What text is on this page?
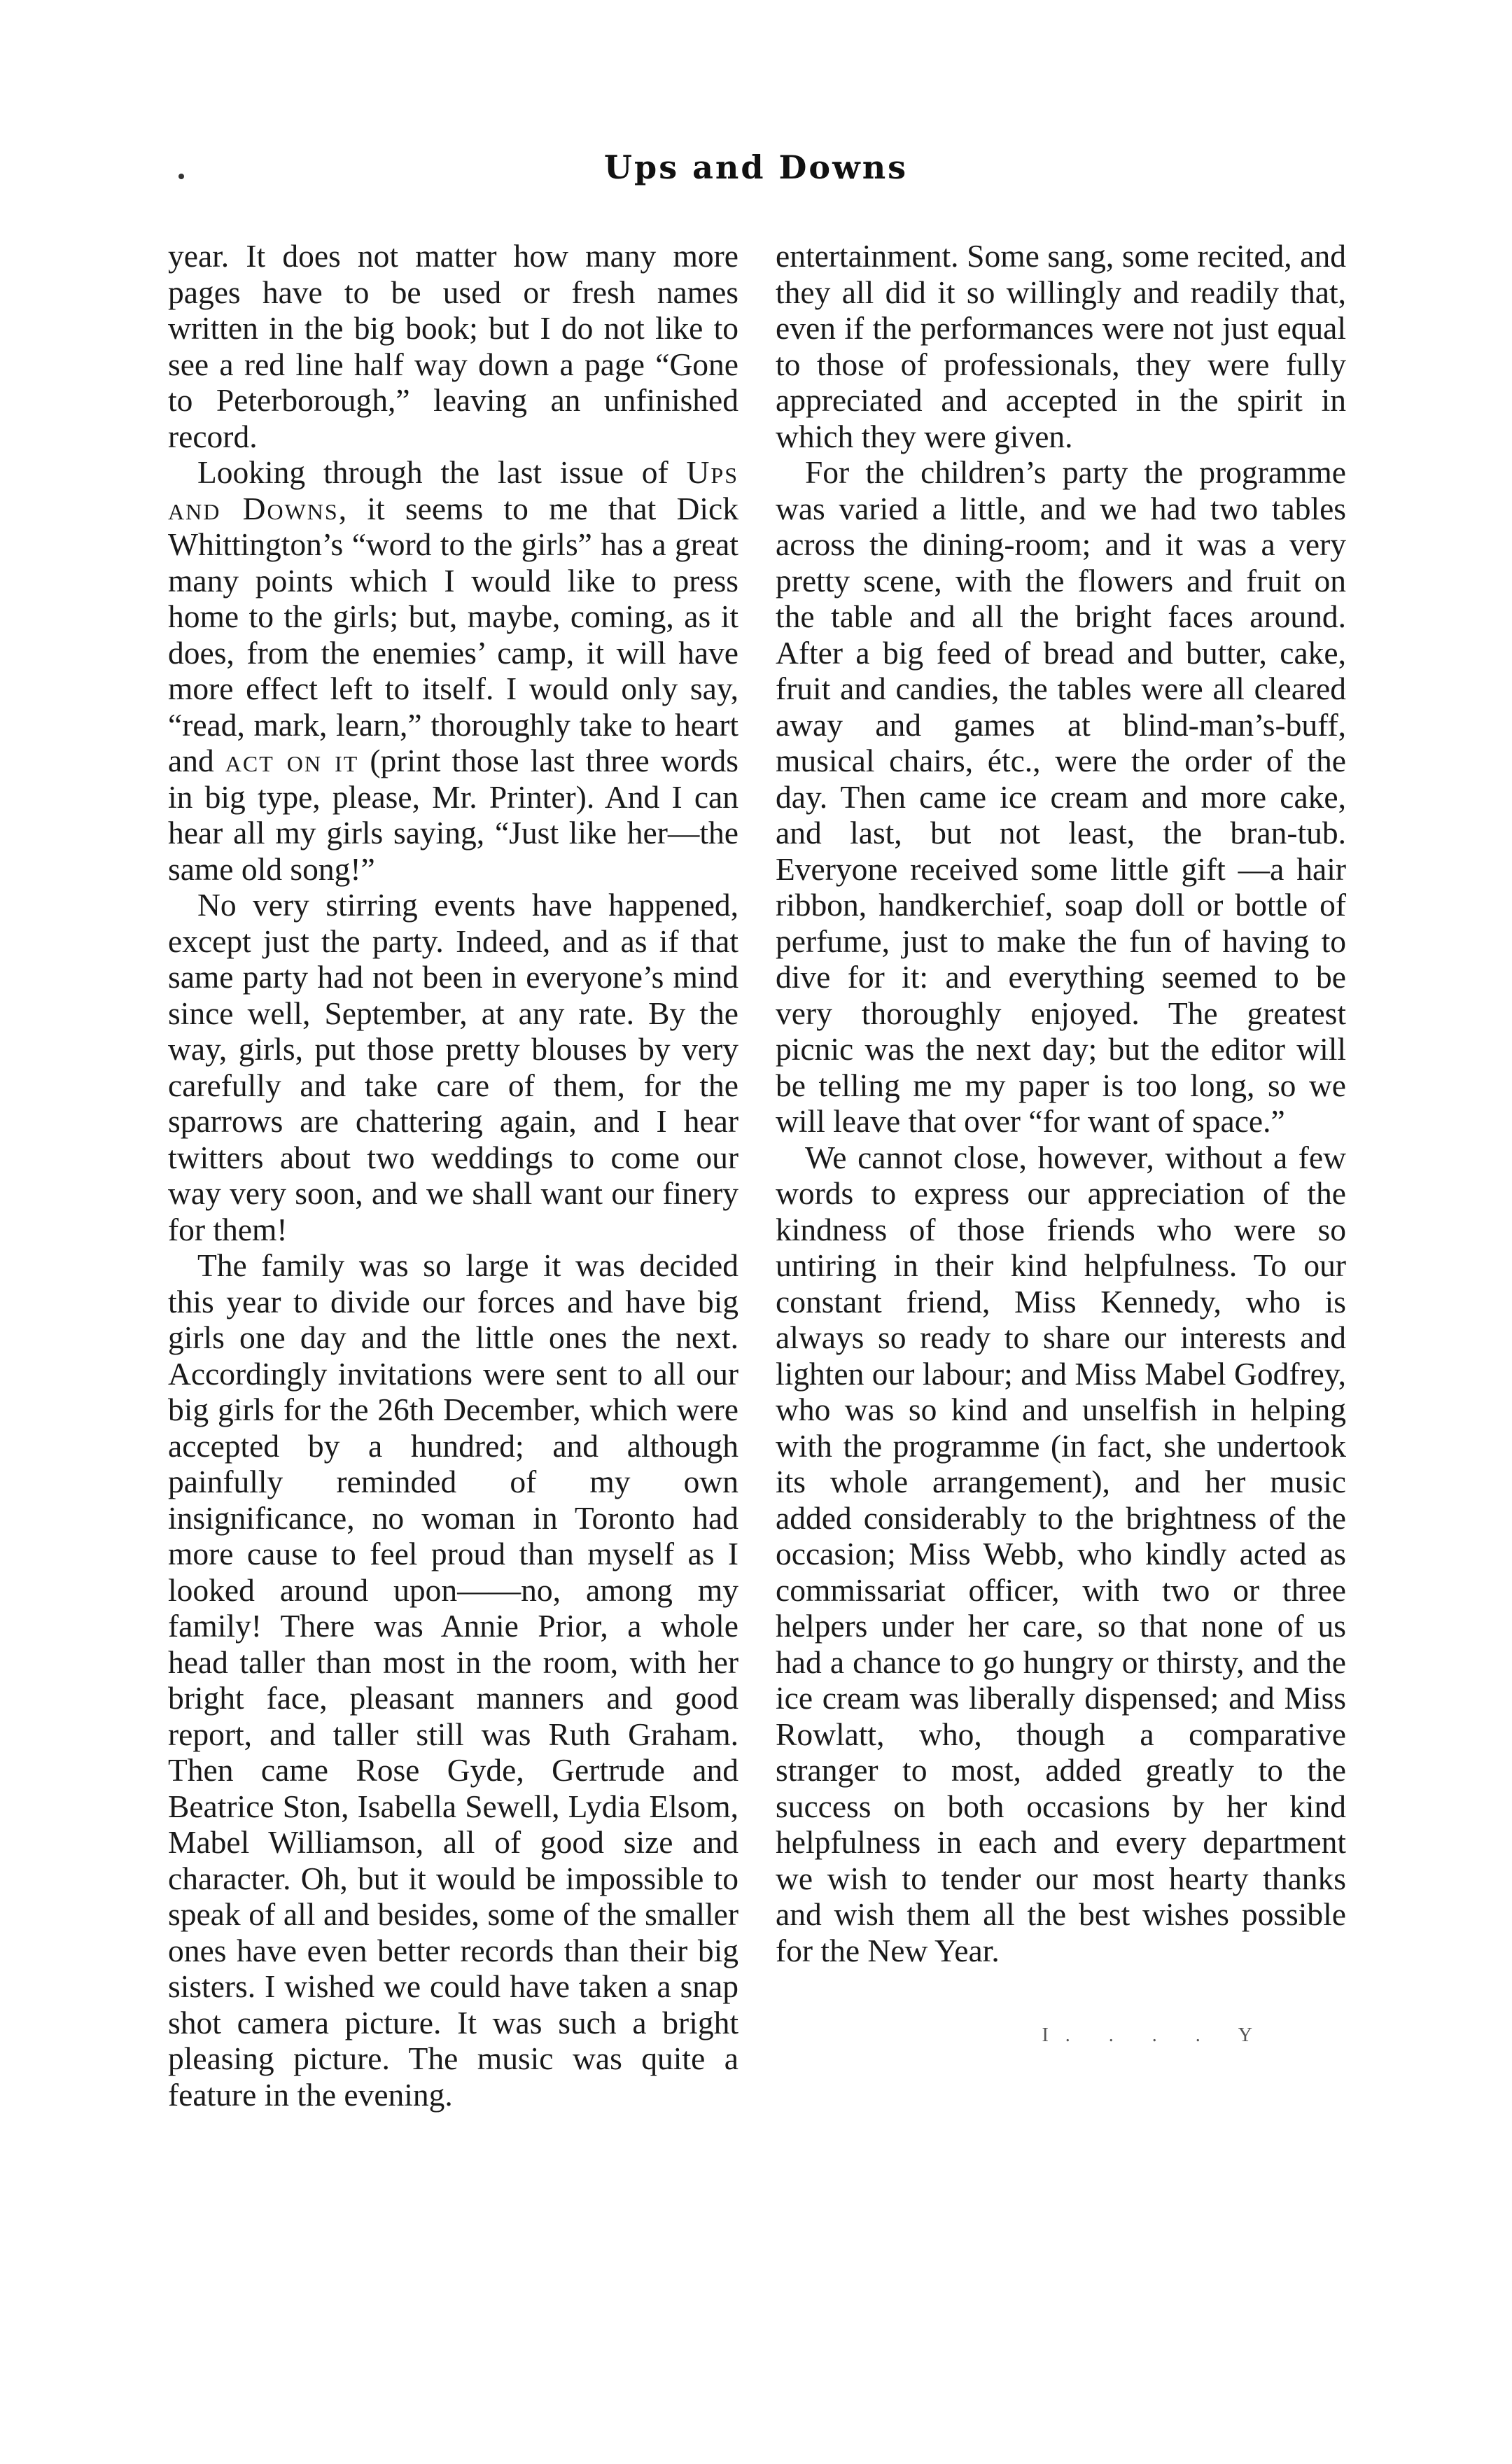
Ups and Downs

year. It does not matter how many more pages have to be used or fresh names written in the big book; but I do not like to see a red line half way down a page “Gone to Peterborough,” leaving an unfinished record.

Looking through the last issue of Ups and Downs, it seems to me that Dick Whittington’s “word to the girls” has a great many points which I would like to press home to the girls; but, maybe, coming, as it does, from the enemies’ camp, it will have more effect left to itself. I would only say, “read, mark, learn,” thoroughly take to heart and act on it (print those last three words in big type, please, Mr. Printer). And I can hear all my girls saying, “Just like her—the same old song!”

No very stirring events have happened, except just the party. Indeed, and as if that same party had not been in everyone’s mind since well, September, at any rate. By the way, girls, put those pretty blouses by very carefully and take care of them, for the sparrows are chattering again, and I hear twitters about two weddings to come our way very soon, and we shall want our finery for them!

The family was so large it was decided this year to divide our forces and have big girls one day and the little ones the next. Accordingly invitations were sent to all our big girls for the 26th December, which were accepted by a hundred; and although painfully reminded of my own insignificance, no woman in Toronto had more cause to feel proud than myself as I looked around upon——no, among my family! There was Annie Prior, a whole head taller than most in the room, with her bright face, pleasant manners and good report, and taller still was Ruth Graham. Then came Rose Gyde, Gertrude and Beatrice Ston, Isabella Sewell, Lydia Elsom, Mabel Williamson, all of good size and character. Oh, but it would be impossible to speak of all and besides, some of the smaller ones have even better records than their big sisters. I wished we could have taken a snap shot camera picture. It was such a bright pleasing picture. The music was quite a feature in the evening.

entertainment. Some sang, some recited, and they all did it so willingly and readily that, even if the performances were not just equal to those of professionals, they were fully appreciated and accepted in the spirit in which they were given.

For the children’s party the programme was varied a little, and we had two tables across the dining-room; and it was a very pretty scene, with the flowers and fruit on the table and all the bright faces around. After a big feed of bread and butter, cake, fruit and candies, the tables were all cleared away and games at blind-man’s-buff, musical chairs, étc., were the order of the day. Then came ice cream and more cake, and last, but not least, the bran-tub. Everyone received some little gift —a hair ribbon, handkerchief, soap doll or bottle of perfume, just to make the fun of having to dive for it: and everything seemed to be very thoroughly enjoyed. The greatest picnic was the next day; but the editor will be telling me my paper is too long, so we will leave that over “for want of space.”

We cannot close, however, without a few words to express our appreciation of the kindness of those friends who were so untiring in their kind helpfulness. To our constant friend, Miss Kennedy, who is always so ready to share our interests and lighten our labour; and Miss Mabel Godfrey, who was so kind and unselfish in helping with the programme (in fact, she undertook its whole arrangement), and her music added considerably to the brightness of the occasion; Miss Webb, who kindly acted as commissariat officer, with two or three helpers under her care, so that none of us had a chance to go hungry or thirsty, and the ice cream was liberally dispensed; and Miss Rowlatt, who, though a comparative stranger to most, added greatly to the success on both occasions by her kind helpfulness in each and every department we wish to tender our most hearty thanks and wish them all the best wishes possible for the New Year.

I. . . . Y
